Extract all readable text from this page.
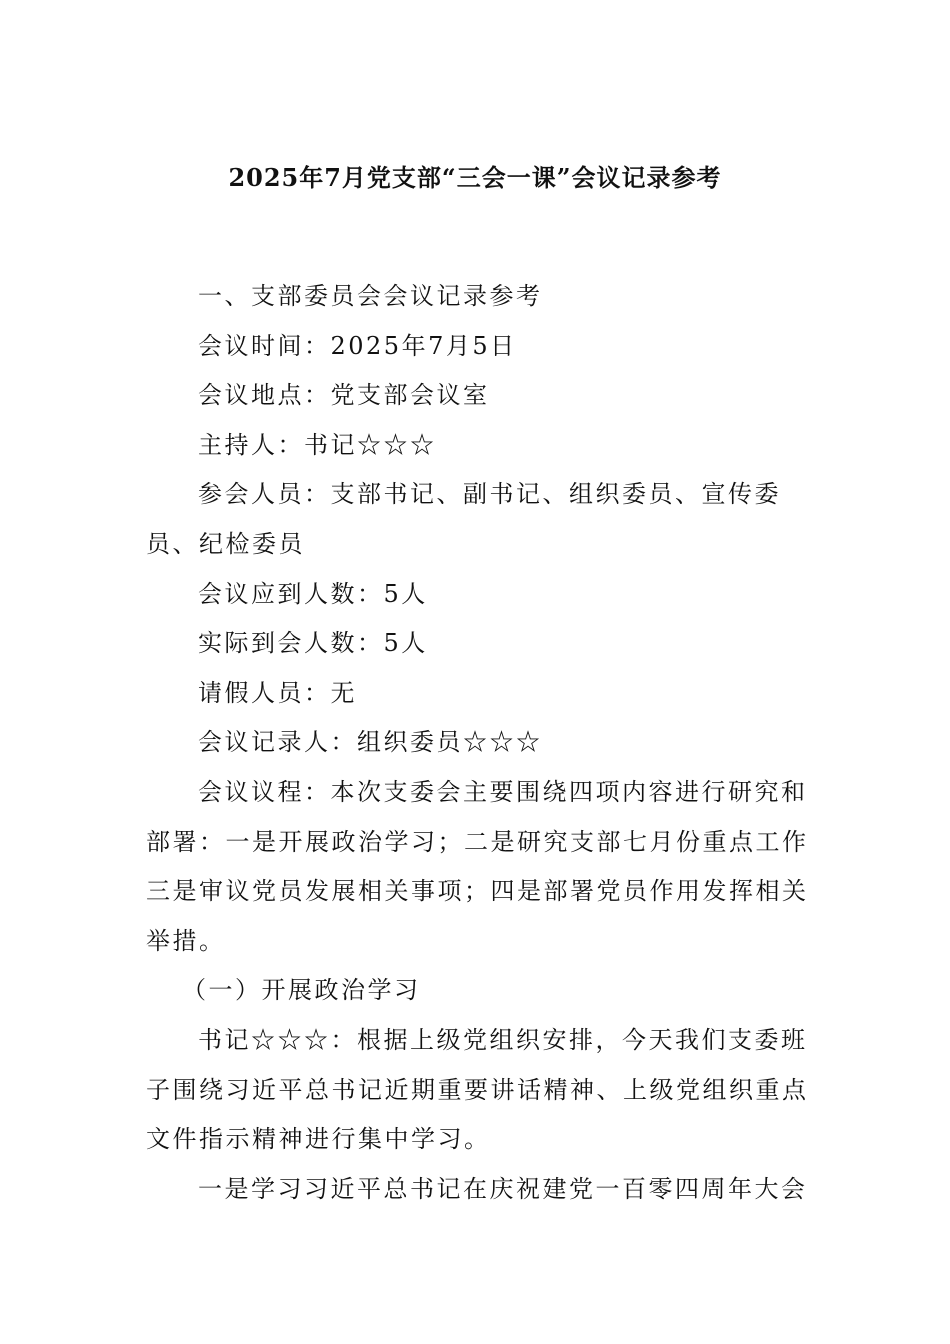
2025年7月党支部“三会一课”会议记录参考

一、支部委员会会议记录参考

会议时间：2025年7月5日

会议地点：党支部会议室

主持人：书记☆☆☆

参会人员：支部书记、副书记、组织委员、宣传委员、纪检委员

会议应到人数：5人

实际到会人数：5人

请假人员：无

会议记录人：组织委员☆☆☆

会议议程：本次支委会主要围绕四项内容进行研究和部署：一是开展政治学习；二是研究支部七月份重点工作三是审议党员发展相关事项；四是部署党员作用发挥相关举措。

（一）开展政治学习

书记☆☆☆：根据上级党组织安排，今天我们支委班子围绕习近平总书记近期重要讲话精神、上级党组织重点文件指示精神进行集中学习。

一是学习习近平总书记在庆祝建党一百零四周年大会
